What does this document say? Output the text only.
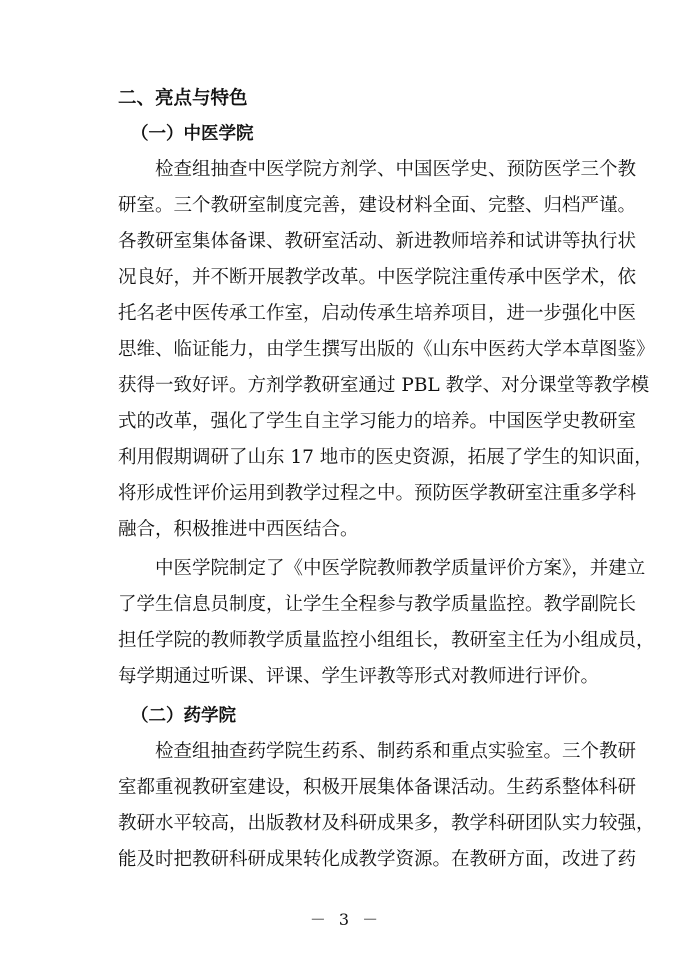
二、亮点与特色
（一）中医学院
检查组抽查中医学院方剂学、中国医学史、预防医学三个教
研室。三个教研室制度完善，建设材料全面、完整、归档严谨。
各教研室集体备课、教研室活动、新进教师培养和试讲等执行状
况良好，并不断开展教学改革。中医学院注重传承中医学术，依
托名老中医传承工作室，启动传承生培养项目，进一步强化中医
思维、临证能力，由学生撰写出版的《山东中医药大学本草图鉴》
获得一致好评。方剂学教研室通过 PBL 教学、对分课堂等教学模
式的改革，强化了学生自主学习能力的培养。中国医学史教研室
利用假期调研了山东 17 地市的医史资源，拓展了学生的知识面，
将形成性评价运用到教学过程之中。预防医学教研室注重多学科
融合，积极推进中西医结合。
中医学院制定了《中医学院教师教学质量评价方案》，并建立
了学生信息员制度，让学生全程参与教学质量监控。教学副院长
担任学院的教师教学质量监控小组组长，教研室主任为小组成员，
每学期通过听课、评课、学生评教等形式对教师进行评价。
（二）药学院
检查组抽查药学院生药系、制药系和重点实验室。三个教研
室都重视教研室建设，积极开展集体备课活动。生药系整体科研
教研水平较高，出版教材及科研成果多，教学科研团队实力较强，
能及时把教研科研成果转化成教学资源。在教研方面，改进了药
－ 3 －
